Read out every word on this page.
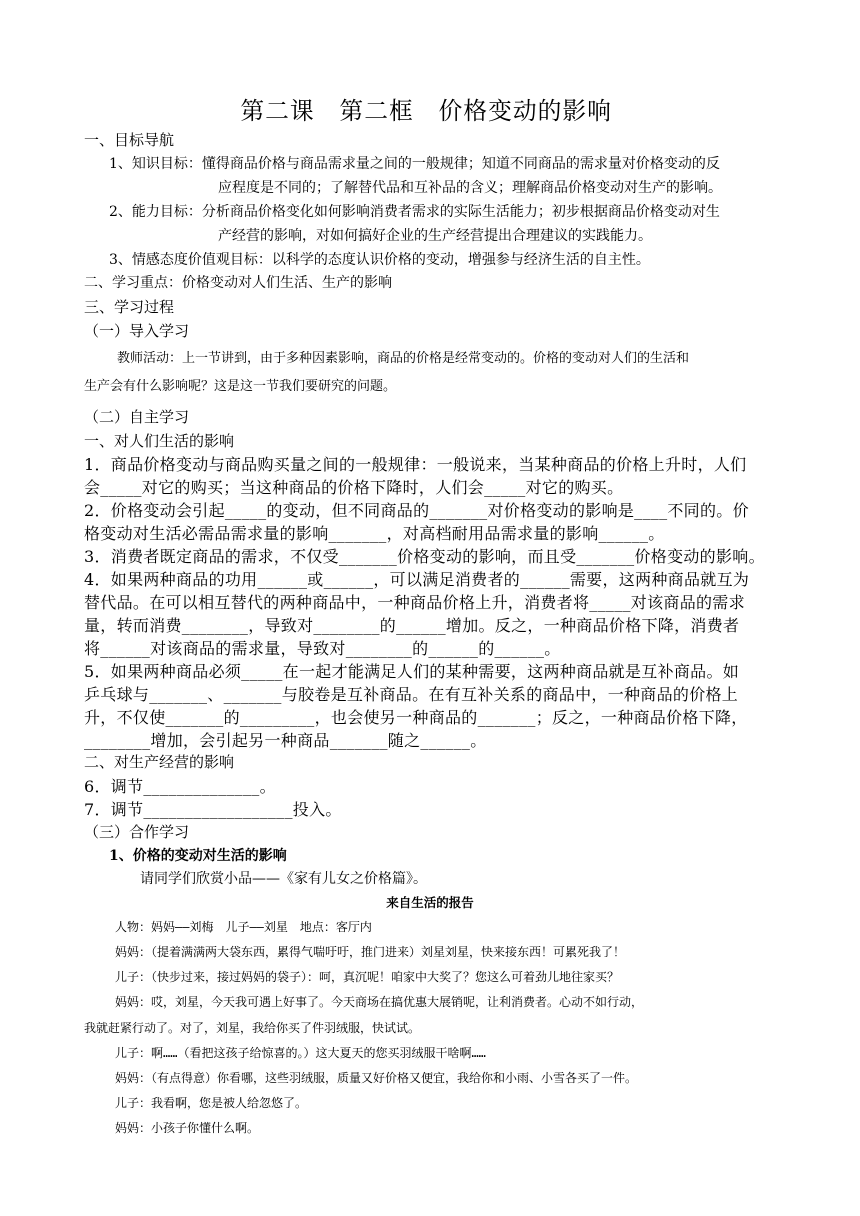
第二课　第二框　价格变动的影响
一、目标导航
1、知识目标：懂得商品价格与商品需求量之间的一般规律；知道不同商品的需求量对价格变动的反
应程度是不同的；了解替代品和互补品的含义；理解商品价格变动对生产的影响。
2、能力目标：分析商品价格变化如何影响消费者需求的实际生活能力；初步根据商品价格变动对生
产经营的影响，对如何搞好企业的生产经营提出合理建议的实践能力。
3、情感态度价值观目标：以科学的态度认识价格的变动，增强参与经济生活的自主性。
二、学习重点：价格变动对人们生活、生产的影响
三、学习过程
（一）导入学习
教师活动：上一节讲到，由于多种因素影响，商品的价格是经常变动的。价格的变动对人们的生活和
生产会有什么影响呢？这是这一节我们要研究的问题。
（二）自主学习
一、对人们生活的影响
1．商品价格变动与商品购买量之间的一般规律：一般说来，当某种商品的价格上升时，人们
会_____对它的购买；当这种商品的价格下降时，人们会_____对它的购买。
2．价格变动会引起_____的变动，但不同商品的_______对价格变动的影响是____不同的。价
格变动对生活必需品需求量的影响_______，对高档耐用品需求量的影响______。
3．消费者既定商品的需求，不仅受_______价格变动的影响，而且受_______价格变动的影响。
4．如果两种商品的功用______或______，可以满足消费者的______需要，这两种商品就互为
替代品。在可以相互替代的两种商品中，一种商品价格上升，消费者将_____对该商品的需求
量，转而消费________，导致对________的______增加。反之，一种商品价格下降，消费者
将______对该商品的需求量，导致对________的______的______。
5．如果两种商品必须_____在一起才能满足人们的某种需要，这两种商品就是互补商品。如
乒乓球与_______、_______与胶卷是互补商品。在有互补关系的商品中，一种商品的价格上
升，不仅使_______的_________，也会使另一种商品的_______；反之，一种商品价格下降，
________增加，会引起另一种商品_______随之______。
二、对生产经营的影响
6．调节______________。
7．调节__________________投入。
（三）合作学习
1、价格的变动对生活的影响
请同学们欣赏小品——《家有儿女之价格篇》。
来自生活的报告
人物：妈妈——刘梅　儿子——刘星　地点：客厅内
妈妈：（提着满满两大袋东西，累得气喘吁吁，推门进来）刘星刘星，快来接东西！可累死我了！
儿子：（快步过来，接过妈妈的袋子）：呵，真沉呢！咱家中大奖了？您这么可着劲儿地往家买？
妈妈：哎，刘星，今天我可遇上好事了。今天商场在搞优惠大展销呢，让利消费者。心动不如行动，
我就赶紧行动了。对了，刘星，我给你买了件羽绒服，快试试。
儿子：啊……（看把这孩子给惊喜的。）这大夏天的您买羽绒服干啥啊……
妈妈：（有点得意）你看哪，这些羽绒服，质量又好价格又便宜，我给你和小雨、小雪各买了一件。
儿子：我看啊，您是被人给忽悠了。
妈妈：小孩子你懂什么啊。
